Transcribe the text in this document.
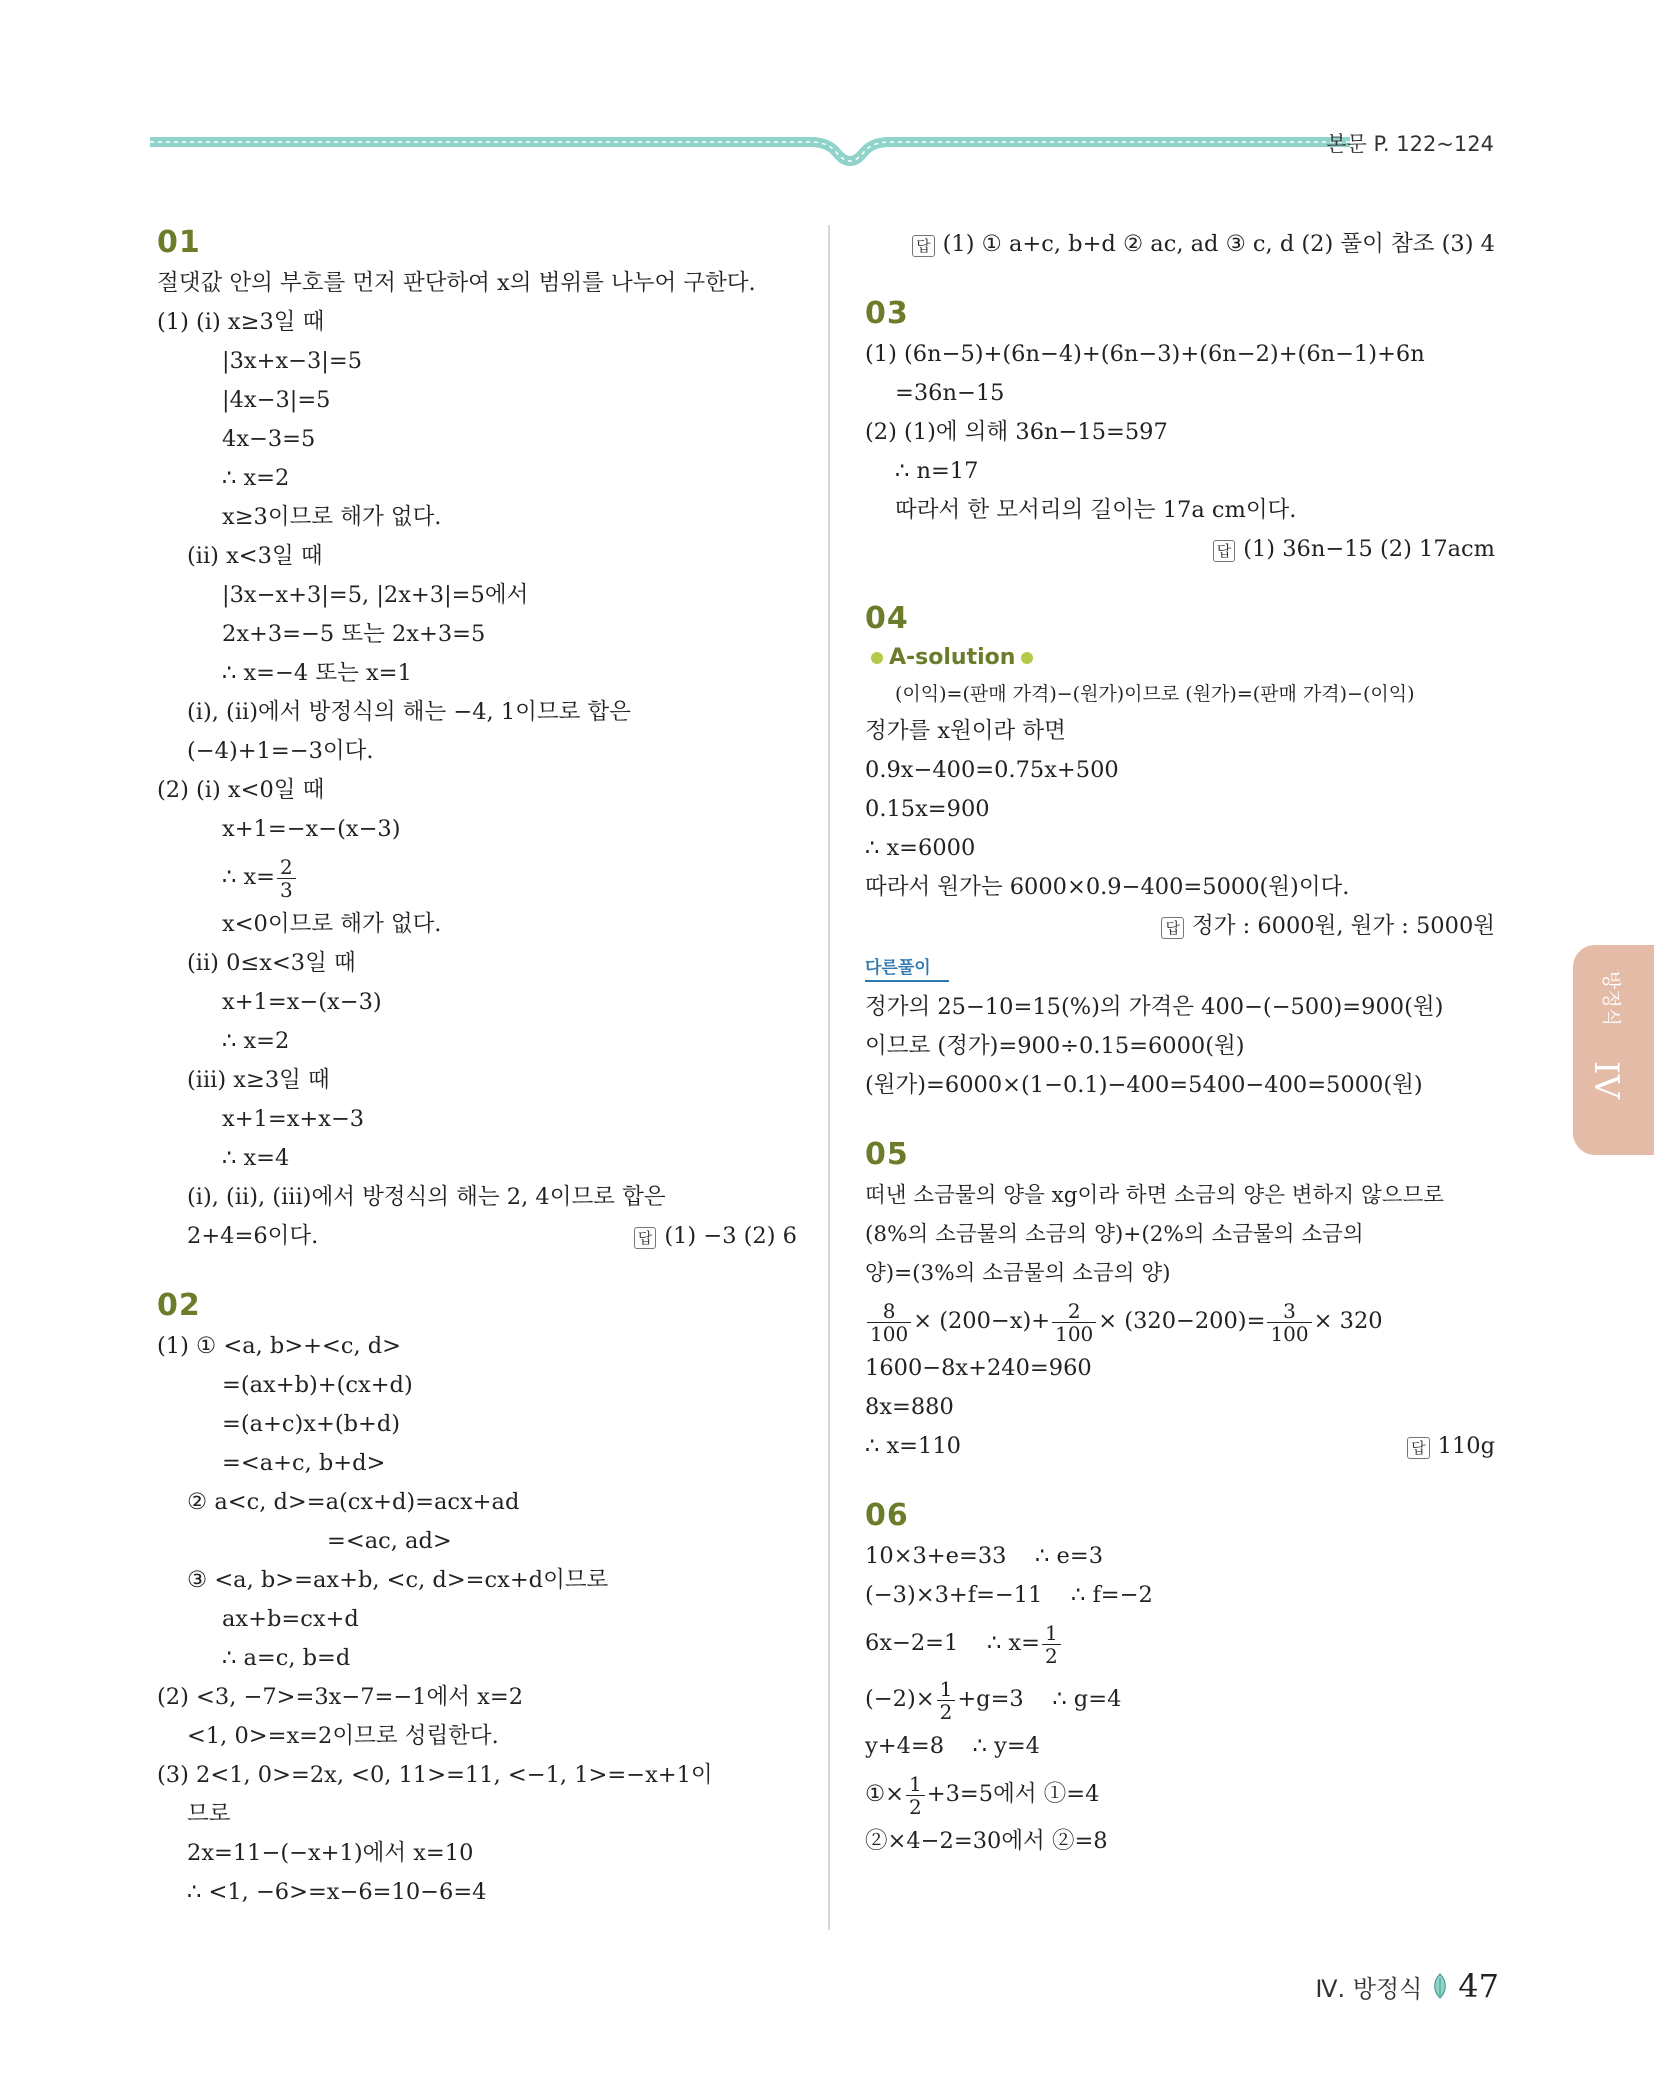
본문 P. 122~124
01
절댓값 안의 부호를 먼저 판단하여 x의 범위를 나누어 구한다.
(1) (i) x≥3일 때
|3x+x−3|=5
|4x−3|=5
4x−3=5
∴ x=2
x≥3이므로 해가 없다.
(ii) x<3일 때
|3x−x+3|=5, |2x+3|=5에서
2x+3=−5 또는 2x+3=5
∴ x=−4 또는 x=1
(i), (ii)에서 방정식의 해는 −4, 1이므로 합은
(−4)+1=−3이다.
(2) (i) x<0일 때
x+1=−x−(x−3)
∴ $x= \frac{2}{3}$
x<0이므로 해가 없다.
(ii) 0≤x<3일 때
x+1=x−(x−3)
∴ x=2
(iii) x≥3일 때
x+1=x+x−3
∴ x=4
(i), (ii), (iii)에서 방정식의 해는 2, 4이므로 합은
2+4=6이다.	답 (1) −3 (2) 6
02
(1) ① <a, b>+<c, d>
=(ax+b)+(cx+d)
=(a+c)x+(b+d)
=<a+c, b+d>
② a<c, d>=a(cx+d)=acx+ad
=<ac, ad>
③ <a, b>=ax+b, <c, d>=cx+d이므로
ax+b=cx+d
∴ a=c, b=d
(2) <3, −7>=3x−7=−1에서 x=2
<1, 0>=x=2이므로 성립한다.
(3) 2<1, 0>=2x, <0, 11>=11, <−1, 1>=−x+1이
므로
2x=11−(−x+1)에서 x=10
∴ <1, −6>=x−6=10−6=4
답 (1) ① a+c, b+d ② ac, ad ③ c, d (2) 풀이 참조 (3) 4
03
(1) (6n−5)+(6n−4)+(6n−3)+(6n−2)+(6n−1)+6n
=36n−15
(2) (1)에 의해 36n−15=597
∴ n=17
따라서 한 모서리의 길이는 17a cm이다.
답 (1) 36n−15 (2) 17acm
04
A-solution
(이익)=(판매 가격)−(원가)이므로 (원가)=(판매 가격)−(이익)
정가를 x원이라 하면
0.9x−400=0.75x+500
0.15x=900
∴ x=6000
따라서 원가는 6000×0.9−400=5000(원)이다.
답 정가 : 6000원, 원가 : 5000원
다른풀이
정가의 25−10=15(%)의 가격은 400−(−500)=900(원)
이므로 (정가)=900÷0.15=6000(원)
(원가)=6000×(1−0.1)−400=5400−400=5000(원)
05
떠낸 소금물의 양을 xg이라 하면 소금의 양은 변하지 않으므로
(8%의 소금물의 소금의 양)+(2%의 소금물의 소금의
양)=(3%의 소금물의 소금의 양)
$\frac{8}{100} \times (200-x)+ \frac{2}{100} \times (320-200)= \frac{3}{100} \times 320$
1600−8x+240=960
8x=880
∴ x=110	답 110g
06
10×3+e=33    ∴ e=3
(−3)×3+f=−11    ∴ f=−2
6x−2=1    ∴ $x= \frac{1}{2}$
$(-2)\times \frac{1}{2} +g=3$    ∴ g=4
y+4=8    ∴ y=4
①× $\frac{1}{2} +3=5$에서 ①=4
②×4−2=30에서 ②=8
방정식
IV
Ⅳ. 방정식 47
